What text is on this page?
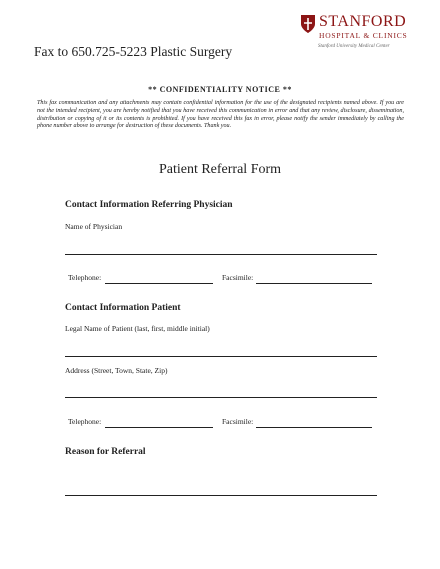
Fax to 650.725-5223 Plastic Surgery
STANFORD
HOSPITAL & CLINICS
Stanford University Medical Center
** CONFIDENTIALITY NOTICE **
This fax communication and any attachments may contain confidential information for the use of the designated recipients named above. If you are not the intended recipient, you are hereby notified that you have received this communication in error and that any review, disclosure, dissemination, distribution or copying of it or its contents is prohibited. If you have received this fax in error, please notify the sender immediately by calling the phone number above to arrange for destruction of these documents. Thank you.
Patient Referral Form
Contact Information Referring Physician
Name of Physician
Telephone:	Facsimile:
Contact Information Patient
Legal Name of Patient (last, first, middle initial)
Address (Street, Town, State, Zip)
Telephone:	Facsimile:
Reason for Referral
